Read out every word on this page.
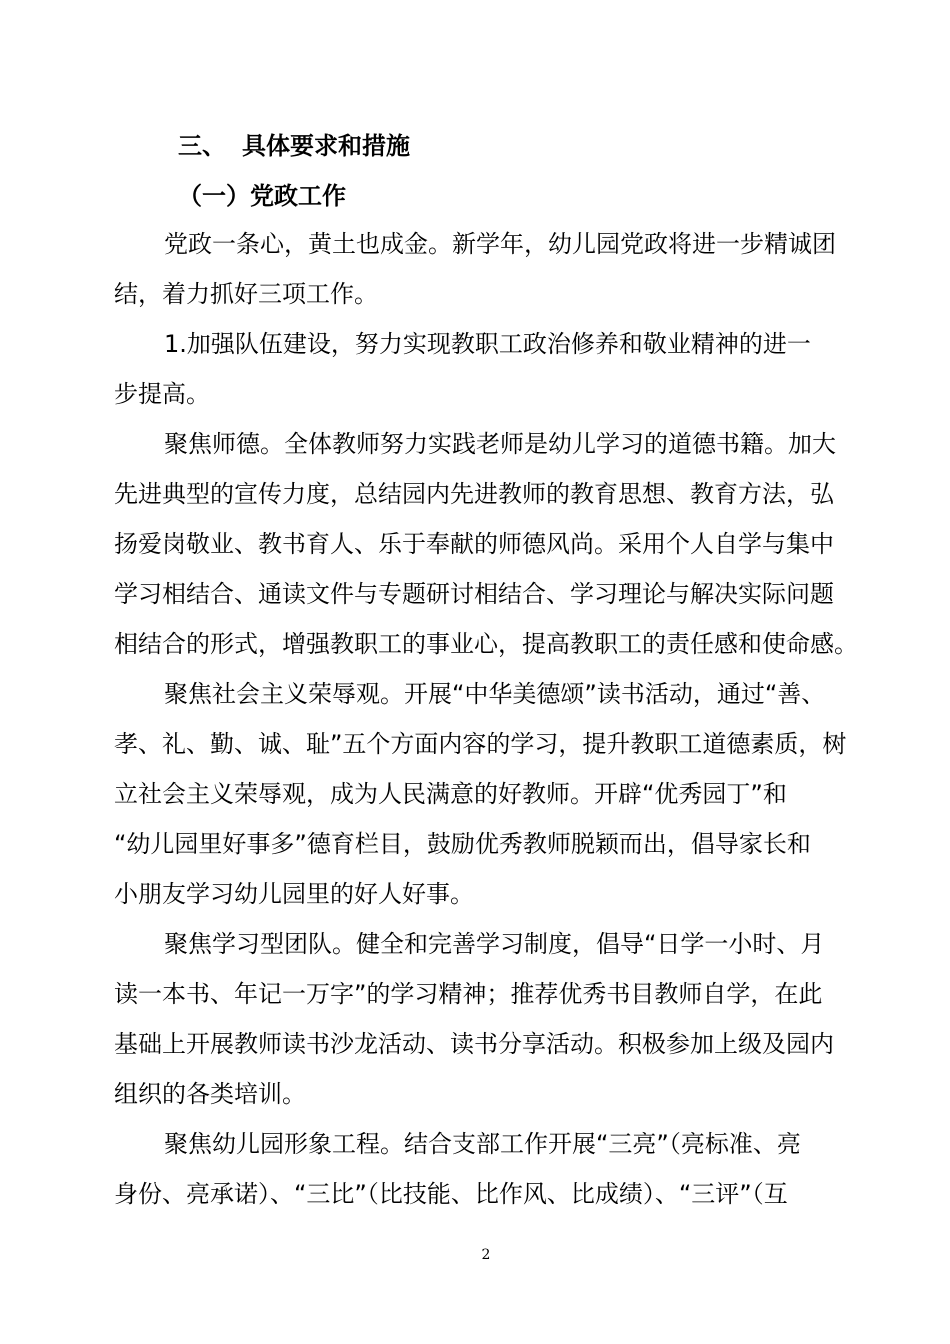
三、 具体要求和措施
（一）党政工作
党政一条心，黄土也成金。新学年，幼儿园党政将进一步精诚团
结，着力抓好三项工作。
1.加强队伍建设，努力实现教职工政治修养和敬业精神的进一
步提高。
聚焦师德。全体教师努力实践老师是幼儿学习的道德书籍。加大
先进典型的宣传力度，总结园内先进教师的教育思想、教育方法，弘
扬爱岗敬业、教书育人、乐于奉献的师德风尚。采用个人自学与集中
学习相结合、通读文件与专题研讨相结合、学习理论与解决实际问题
相结合的形式，增强教职工的事业心，提高教职工的责任感和使命感。
聚焦社会主义荣辱观。开展“中华美德颂”读书活动，通过“善、
孝、礼、勤、诚、耻”五个方面内容的学习，提升教职工道德素质，树
立社会主义荣辱观，成为人民满意的好教师。开辟“优秀园丁”和
“幼儿园里好事多”德育栏目，鼓励优秀教师脱颖而出，倡导家长和
小朋友学习幼儿园里的好人好事。
聚焦学习型团队。健全和完善学习制度，倡导“日学一小时、月
读一本书、年记一万字”的学习精神；推荐优秀书目教师自学，在此
基础上开展教师读书沙龙活动、读书分享活动。积极参加上级及园内
组织的各类培训。
聚焦幼儿园形象工程。结合支部工作开展“三亮”（亮标准、亮
身份、亮承诺）、“三比”（比技能、比作风、比成绩）、“三评”（互
2
